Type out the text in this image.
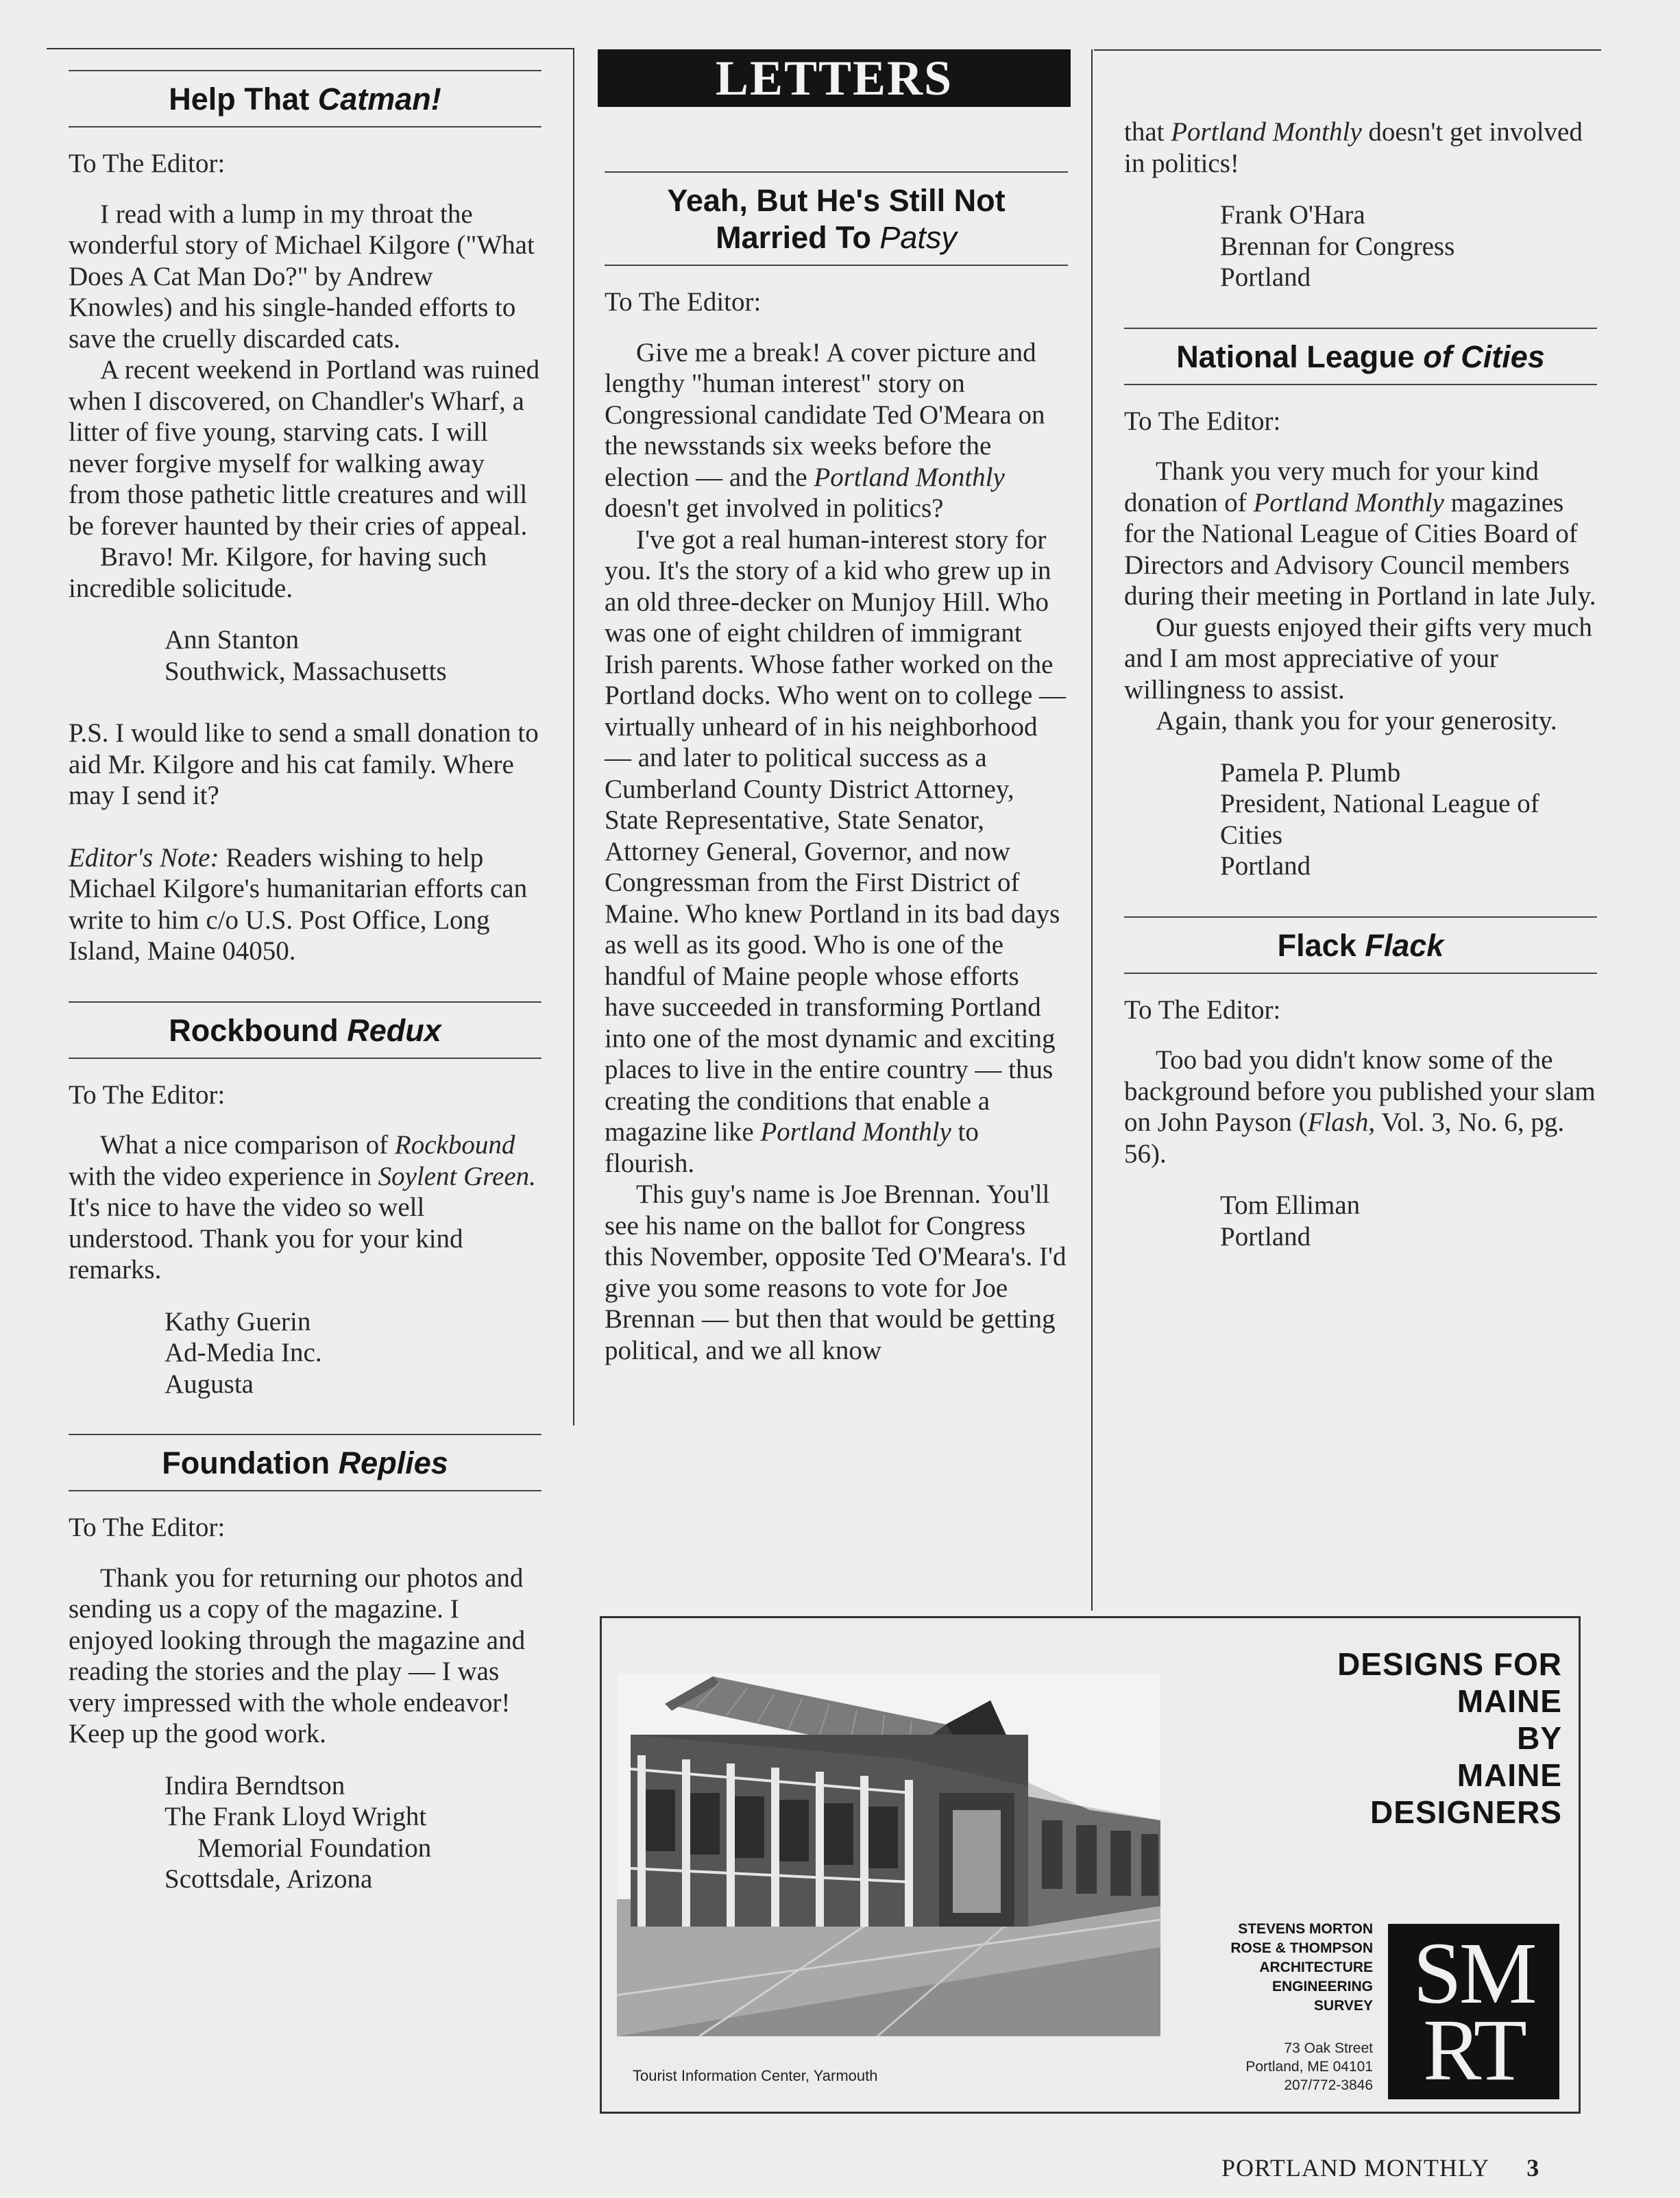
LETTERS
Help That Catman!

To The Editor:

I read with a lump in my throat the wonderful story of Michael Kilgore ("What Does A Cat Man Do?" by Andrew Knowles) and his single-handed efforts to save the cruelly discarded cats.

A recent weekend in Portland was ruined when I discovered, on Chandler's Wharf, a litter of five young, starving cats. I will never forgive myself for walking away from those pathetic little creatures and will be forever haunted by their cries of appeal.

Bravo! Mr. Kilgore, for having such incredible solicitude.

Ann Stanton
Southwick, Massachusetts

P.S. I would like to send a small donation to aid Mr. Kilgore and his cat family. Where may I send it?

Editor's Note: Readers wishing to help Michael Kilgore's humanitarian efforts can write to him c/o U.S. Post Office, Long Island, Maine 04050.

Rockbound Redux

To The Editor:

What a nice comparison of Rockbound with the video experience in Soylent Green. It's nice to have the video so well understood. Thank you for your kind remarks.

Kathy Guerin
Ad-Media Inc.
Augusta
Foundation Replies

To The Editor:

Thank you for returning our photos and sending us a copy of the magazine. I enjoyed looking through the magazine and reading the stories and the play — I was very impressed with the whole endeavor! Keep up the good work.

Indira Berndtson
The Frank Lloyd Wright
Memorial Foundation
Scottsdale, Arizona
Yeah, But He's Still Not
Married To Patsy

To The Editor:

Give me a break! A cover picture and lengthy "human interest" story on Congressional candidate Ted O'Meara on the newsstands six weeks before the election — and the Portland Monthly doesn't get involved in politics?

I've got a real human-interest story for you. It's the story of a kid who grew up in an old three-decker on Munjoy Hill. Who was one of eight children of immigrant Irish parents. Whose father worked on the Portland docks. Who went on to college — virtually unheard of in his neighborhood — and later to political success as a Cumberland County District Attorney, State Representative, State Senator, Attorney General, Governor, and now Congressman from the First District of Maine. Who knew Portland in its bad days as well as its good. Who is one of the handful of Maine people whose efforts have succeeded in transforming Portland into one of the most dynamic and exciting places to live in the entire country — thus creating the conditions that enable a magazine like Portland Monthly to flourish.

This guy's name is Joe Brennan. You'll see his name on the ballot for Congress this November, opposite Ted O'Meara's. I'd give you some reasons to vote for Joe Brennan — but then that would be getting political, and we all know

that Portland Monthly doesn't get involved in politics!

Frank O'Hara
Brennan for Congress
Portland
National League of Cities

To The Editor:

Thank you very much for your kind donation of Portland Monthly magazines for the National League of Cities Board of Directors and Advisory Council members during their meeting in Portland in late July.

Our guests enjoyed their gifts very much and I am most appreciative of your willingness to assist.

Again, thank you for your generosity.

Pamela P. Plumb
President, National League of
Cities
Portland
Flack Flack

To The Editor:

Too bad you didn't know some of the background before you published your slam on John Payson (Flash, Vol. 3, No. 6, pg. 56).

Tom Elliman
Portland
Tourist Information Center, Yarmouth
DESIGNS FOR
MAINE
BY
MAINE
DESIGNERS
STEVENS MORTON
ROSE & THOMPSON
ARCHITECTURE
ENGINEERING
SURVEY
73 Oak Street
Portland, ME 04101
207/772-3846
SM
RT
PORTLAND MONTHLY 3
